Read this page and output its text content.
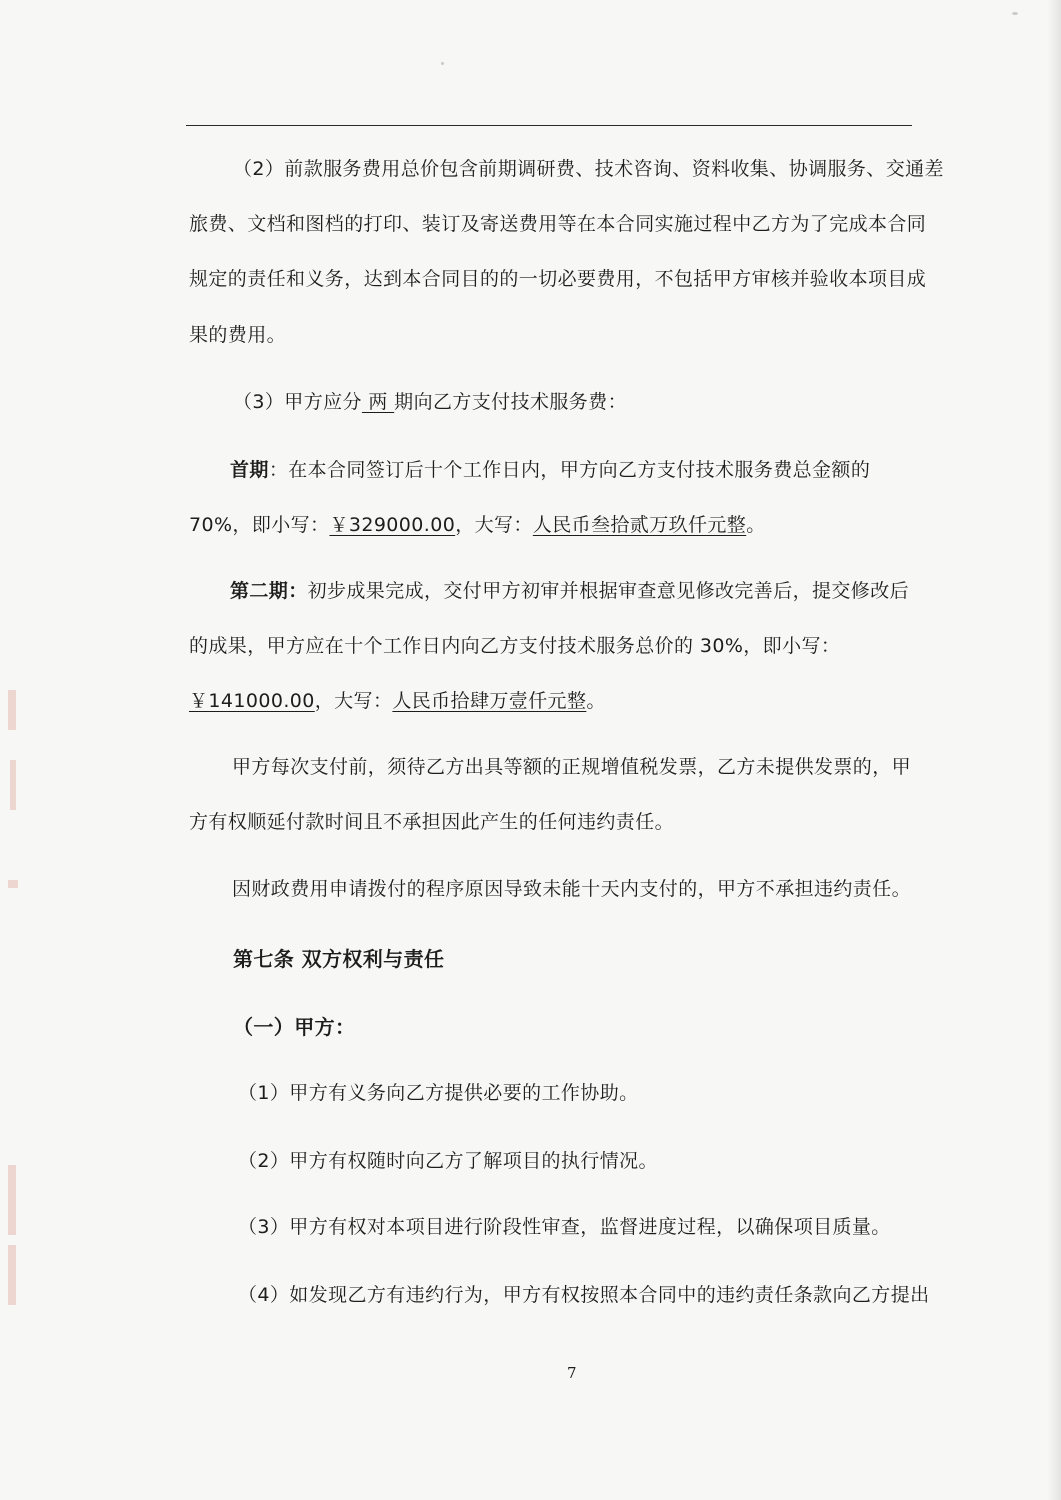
（2）前款服务费用总价包含前期调研费、技术咨询、资料收集、协调服务、交通差
旅费、文档和图档的打印、装订及寄送费用等在本合同实施过程中乙方为了完成本合同
规定的责任和义务，达到本合同目的的一切必要费用，不包括甲方审核并验收本项目成
果的费用。
（3）甲方应分 两 期向乙方支付技术服务费：
首期：在本合同签订后十个工作日内，甲方向乙方支付技术服务费总金额的
70%，即小写：￥329000.00，大写：人民币叁拾贰万玖仟元整。
第二期：初步成果完成，交付甲方初审并根据审查意见修改完善后，提交修改后
的成果，甲方应在十个工作日内向乙方支付技术服务总价的 30%，即小写：
￥141000.00，大写：人民币拾肆万壹仟元整。
甲方每次支付前，须待乙方出具等额的正规增值税发票，乙方未提供发票的，甲
方有权顺延付款时间且不承担因此产生的任何违约责任。
因财政费用申请拨付的程序原因导致未能十天内支付的，甲方不承担违约责任。
第七条 双方权利与责任
（一）甲方：
（1）甲方有义务向乙方提供必要的工作协助。
（2）甲方有权随时向乙方了解项目的执行情况。
（3）甲方有权对本项目进行阶段性审查，监督进度过程，以确保项目质量。
（4）如发现乙方有违约行为，甲方有权按照本合同中的违约责任条款向乙方提出
7
